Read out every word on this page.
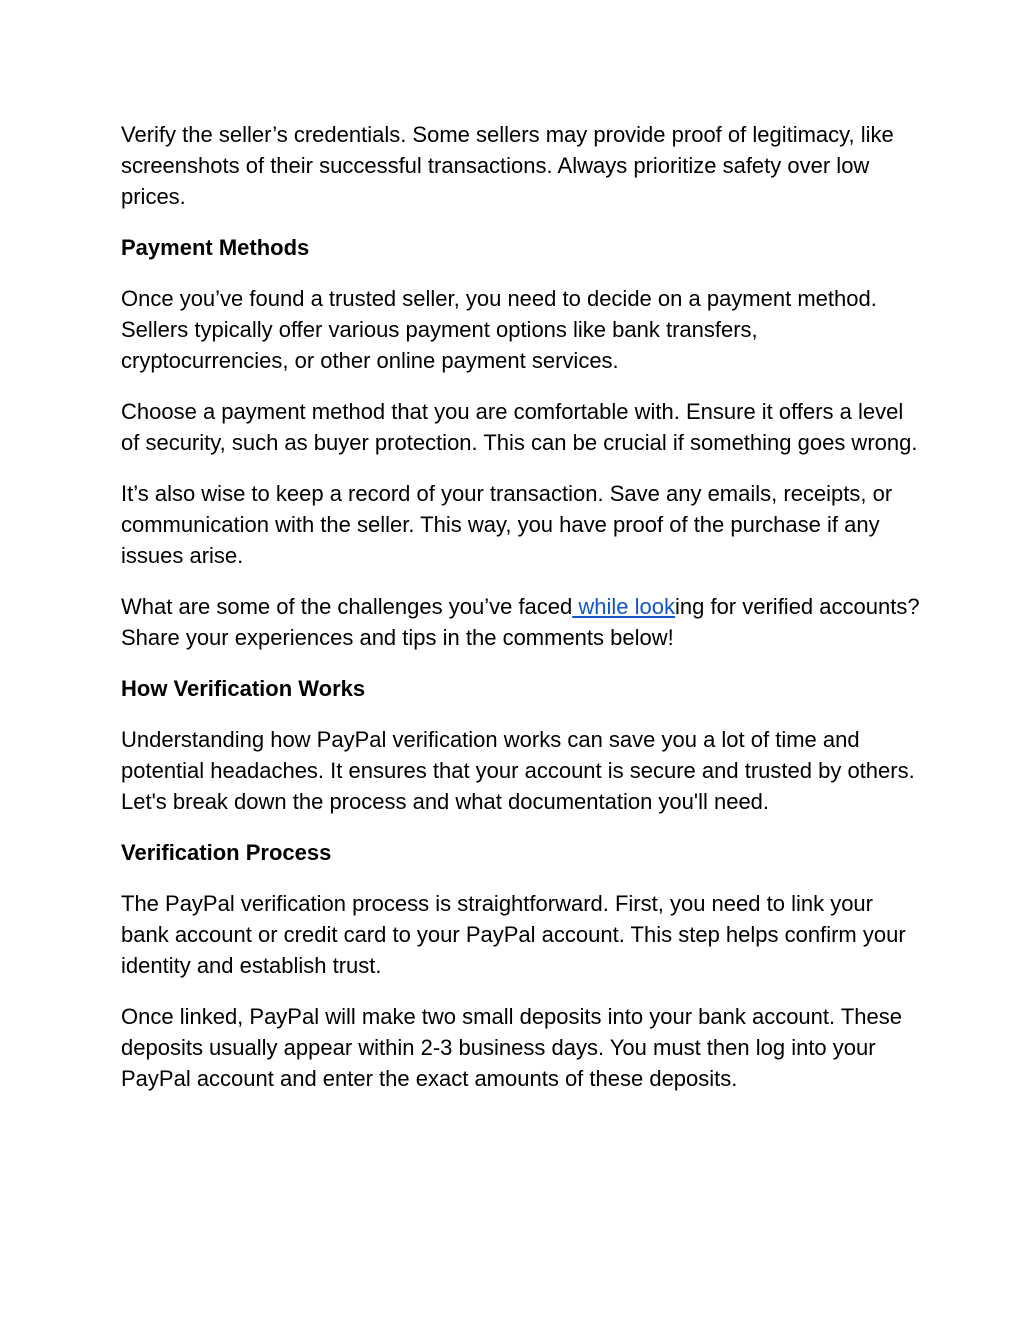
Verify the seller’s credentials. Some sellers may provide proof of legitimacy, like screenshots of their successful transactions. Always prioritize safety over low prices.

Payment Methods

Once you’ve found a trusted seller, you need to decide on a payment method. Sellers typically offer various payment options like bank transfers, cryptocurrencies, or other online payment services.

Choose a payment method that you are comfortable with. Ensure it offers a level of security, such as buyer protection. This can be crucial if something goes wrong.

It’s also wise to keep a record of your transaction. Save any emails, receipts, or communication with the seller. This way, you have proof of the purchase if any issues arise.

What are some of the challenges you’ve faced while looking for verified accounts? Share your experiences and tips in the comments below!

How Verification Works

Understanding how PayPal verification works can save you a lot of time and potential headaches. It ensures that your account is secure and trusted by others. Let's break down the process and what documentation you'll need.

Verification Process

The PayPal verification process is straightforward. First, you need to link your bank account or credit card to your PayPal account. This step helps confirm your identity and establish trust.

Once linked, PayPal will make two small deposits into your bank account. These deposits usually appear within 2-3 business days. You must then log into your PayPal account and enter the exact amounts of these deposits.
